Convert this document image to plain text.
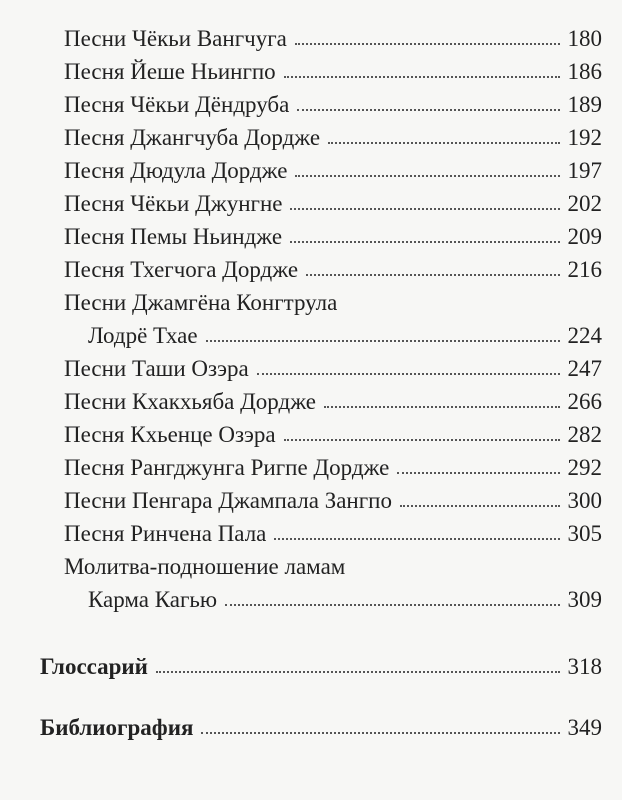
Песни Чёкьи Вангчуга	180
Песня Йеше Ньингпо	186
Песня Чёкьи Дёндруба	189
Песня Джангчуба Дордже	192
Песня Дюдула Дордже	197
Песня Чёкьи Джунгне	202
Песня Пемы Ньиндже	209
Песня Тхегчога Дордже	216
Песни Джамгёна Конгтрула
Лодрё Тхае	224
Песни Таши Озэра	247
Песни Кхакхьяба Дордже	266
Песня Кхьенце Озэра	282
Песня Рангджунга Ригпе Дордже	292
Песни Пенгара Джампала Зангпо	300
Песня Ринчена Пала	305
Молитва-подношение ламам
Карма Кагью	309
Глоссарий	318
Библиография	349
